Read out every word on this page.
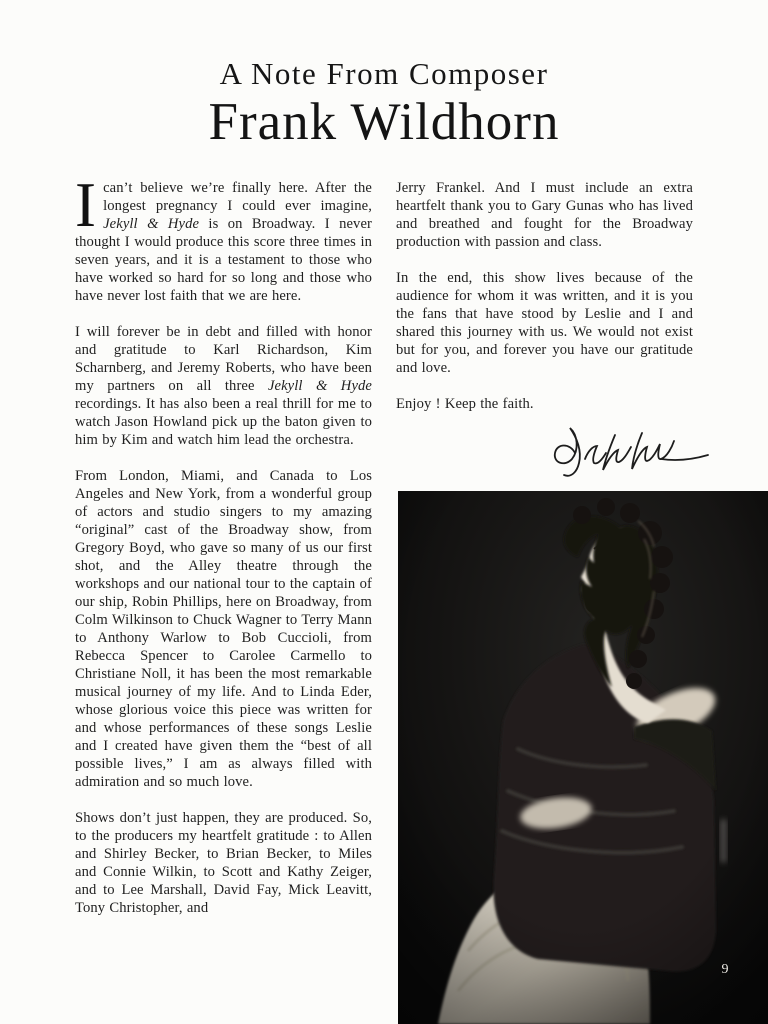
A Note From Composer
Frank Wildhorn

Ican’t believe we’re finally here. After the longest pregnancy I could ever imagine, Jekyll & Hyde is on Broadway. I never thought I would produce this score three times in seven years, and it is a testament to those who have worked so hard for so long and those who have never lost faith that we are here.

I will forever be in debt and filled with honor and gratitude to Karl Richardson, Kim Scharnberg, and Jeremy Roberts, who have been my partners on all three Jekyll & Hyde recordings. It has also been a real thrill for me to watch Jason Howland pick up the baton given to him by Kim and watch him lead the orchestra.

From London, Miami, and Canada to Los Angeles and New York, from a wonderful group of actors and studio singers to my amazing “original” cast of the Broadway show, from Gregory Boyd, who gave so many of us our first shot, and the Alley theatre through the workshops and our national tour to the captain of our ship, Robin Phillips, here on Broadway, from Colm Wilkinson to Chuck Wagner to Terry Mann to Anthony Warlow to Bob Cuccioli, from Rebecca Spencer to Carolee Carmello to Christiane Noll, it has been the most remarkable musical journey of my life. And to Linda Eder, whose glorious voice this piece was written for and whose performances of these songs Leslie and I created have given them the “best of all possible lives,” I am as always filled with admiration and so much love.

Shows don’t just happen, they are produced. So, to the producers my heartfelt gratitude : to Allen and Shirley Becker, to Brian Becker, to Miles and Connie Wilkin, to Scott and Kathy Zeiger, and to Lee Marshall, David Fay, Mick Leavitt, Tony Christopher, and

Jerry Frankel. And I must include an extra heartfelt thank you to Gary Gunas who has lived and breathed and fought for the Broadway production with passion and class.

In the end, this show lives because of the audience for whom it was written, and it is you the fans that have stood by Leslie and I and shared this journey with us. We would not exist but for you, and forever you have our gratitude and love.

Enjoy ! Keep the faith.

9
